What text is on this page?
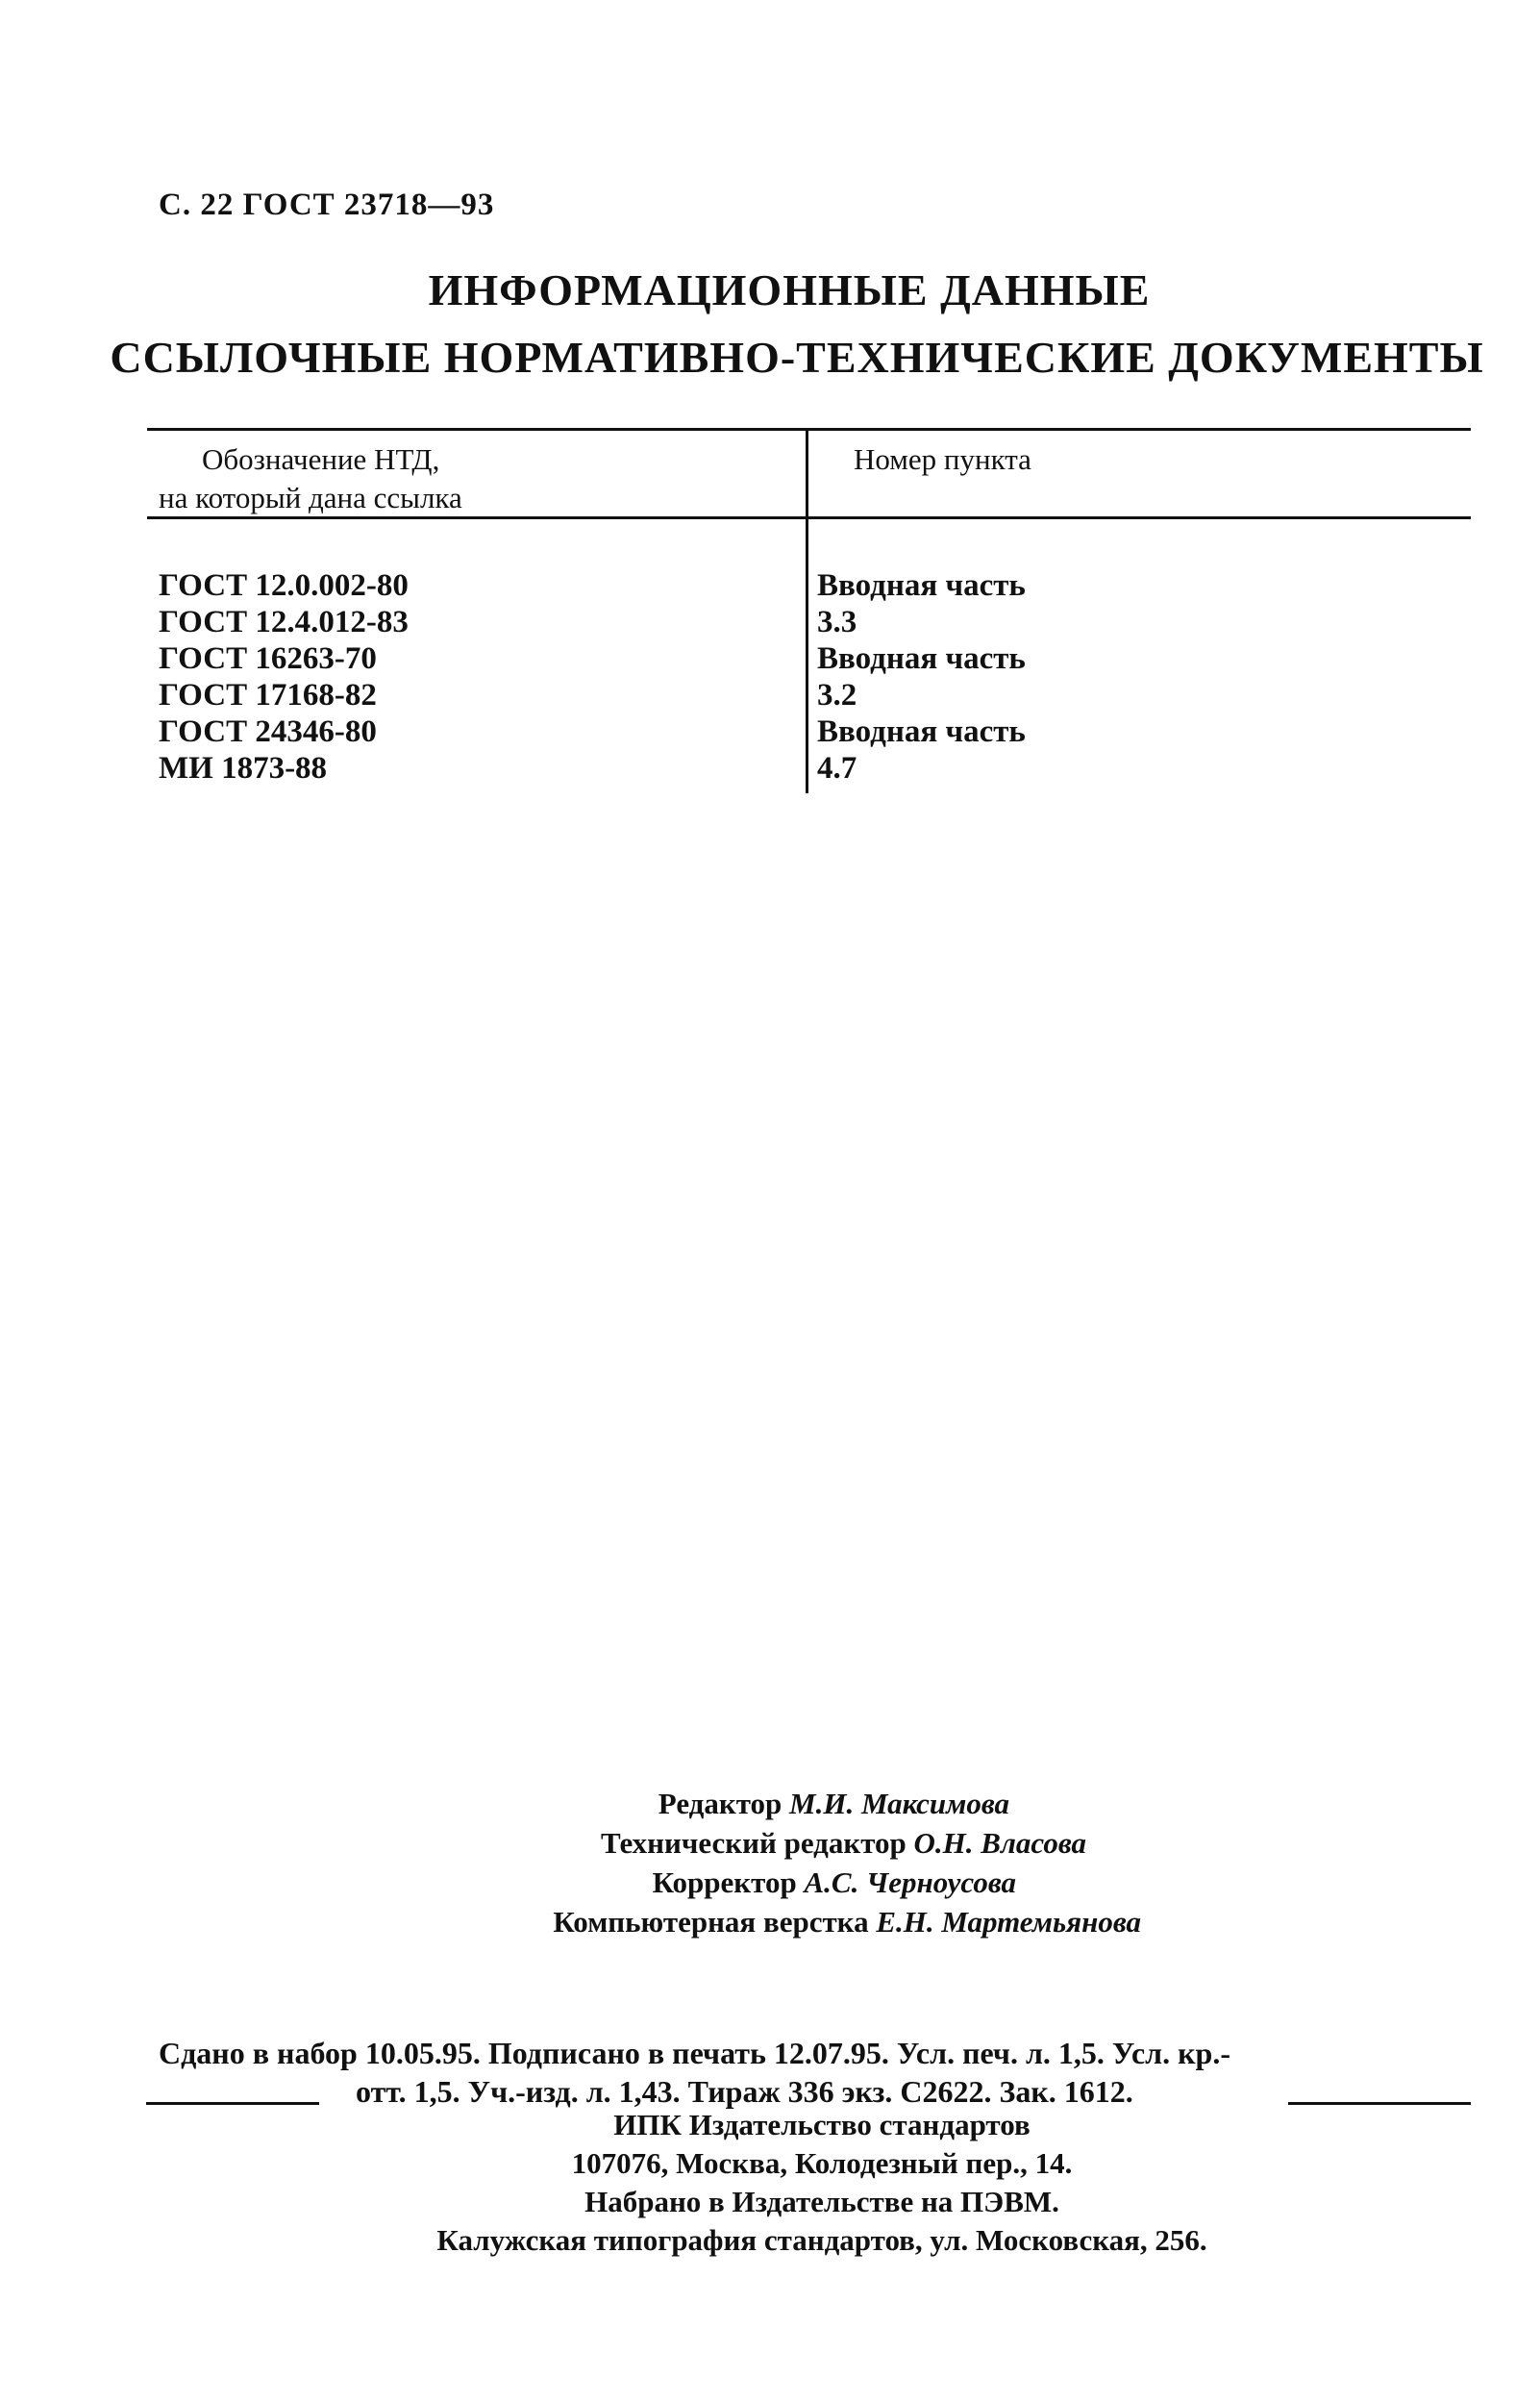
С. 22 ГОСТ 23718—93
ИНФОРМАЦИОННЫЕ ДАННЫЕ
ССЫЛОЧНЫЕ НОРМАТИВНО-ТЕХНИЧЕСКИЕ ДОКУМЕНТЫ
Обозначение НТД,
на который дана ссылка
Номер пункта
ГОСТ 12.0.002-80
ГОСТ 12.4.012-83
ГОСТ 16263-70
ГОСТ 17168-82
ГОСТ 24346-80
МИ 1873-88
Вводная часть
3.3
Вводная часть
3.2
Вводная часть
4.7
Редактор М.И. Максимова
Технический редактор О.Н. Власова
Корректор А.С. Черноусова
Компьютерная верстка Е.Н. Мартемьянова
Сдано в набор 10.05.95. Подписано в печать 12.07.95. Усл. печ. л. 1,5. Усл. кр.-
отт. 1,5. Уч.-изд. л. 1,43. Тираж 336 экз. С2622. Зак. 1612.
ИПК Издательство стандартов
107076, Москва, Колодезный пер., 14.
Набрано в Издательстве на ПЭВМ.
Калужская типография стандартов, ул. Московская, 256.
